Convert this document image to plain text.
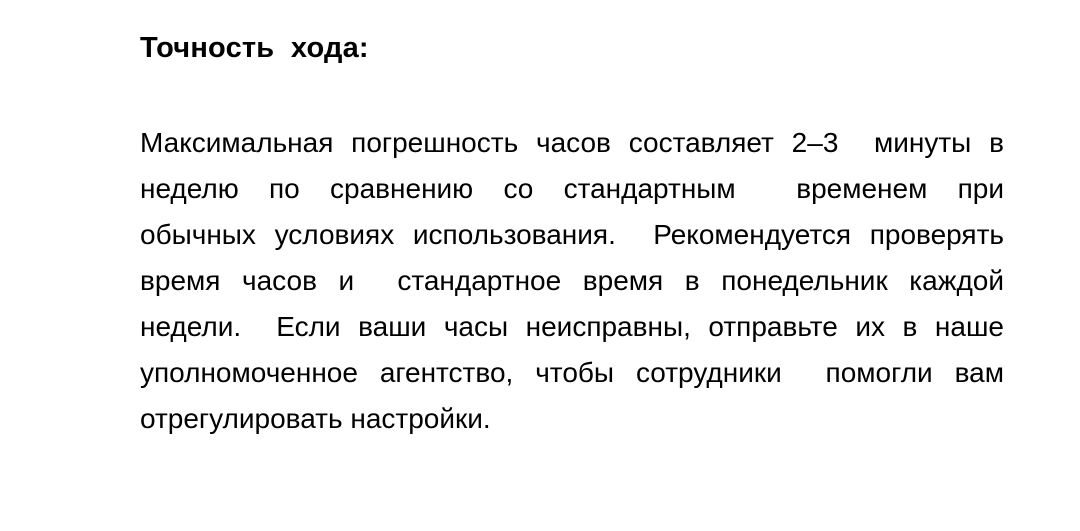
Точность  хода:
Максимальная погрешность часов составляет 2–3  минуты в
неделю по сравнению со стандартным  временем при
обычных условиях использования.  Рекомендуется проверять
время часов и  стандартное время в понедельник каждой
недели.  Если ваши часы неисправны, отправьте их в наше
уполномоченное агентство, чтобы сотрудники  помогли вам
отрегулировать настройки.
